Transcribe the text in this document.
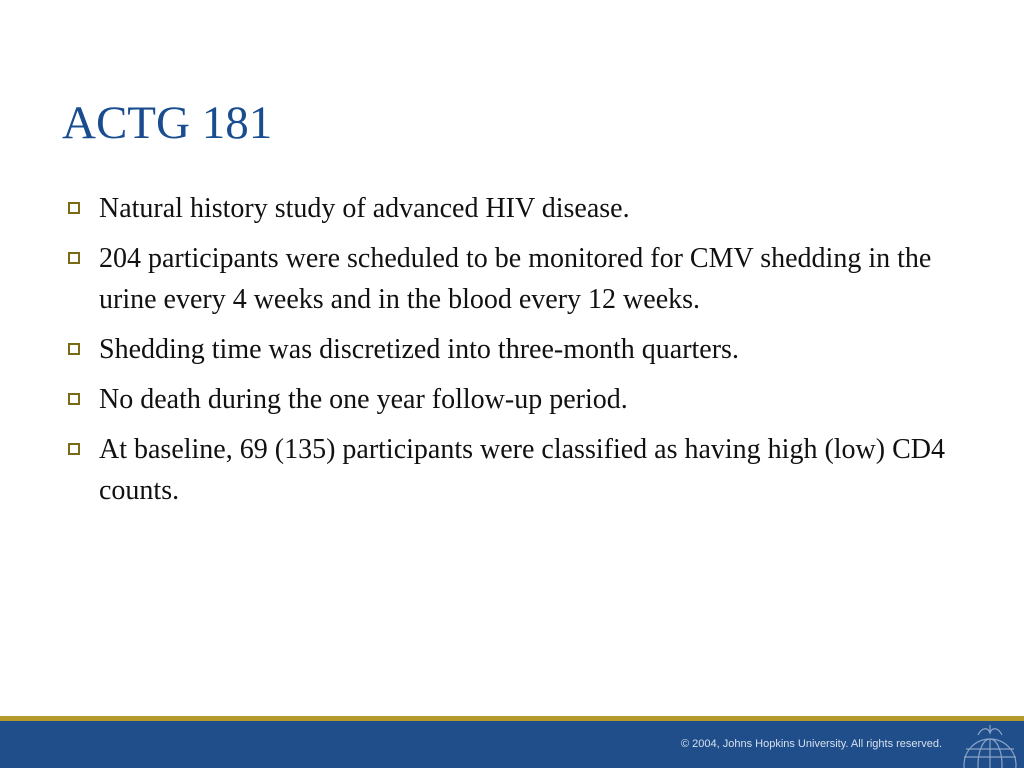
ACTG 181
Natural history study of advanced HIV disease.
204 participants were scheduled to be monitored for CMV shedding in the urine every 4 weeks and in the blood every 12 weeks.
Shedding time was discretized into three-month quarters.
No death during the one year follow-up period.
At baseline, 69 (135) participants were classified as having high (low) CD4 counts.
© 2004, Johns Hopkins University. All rights reserved.
